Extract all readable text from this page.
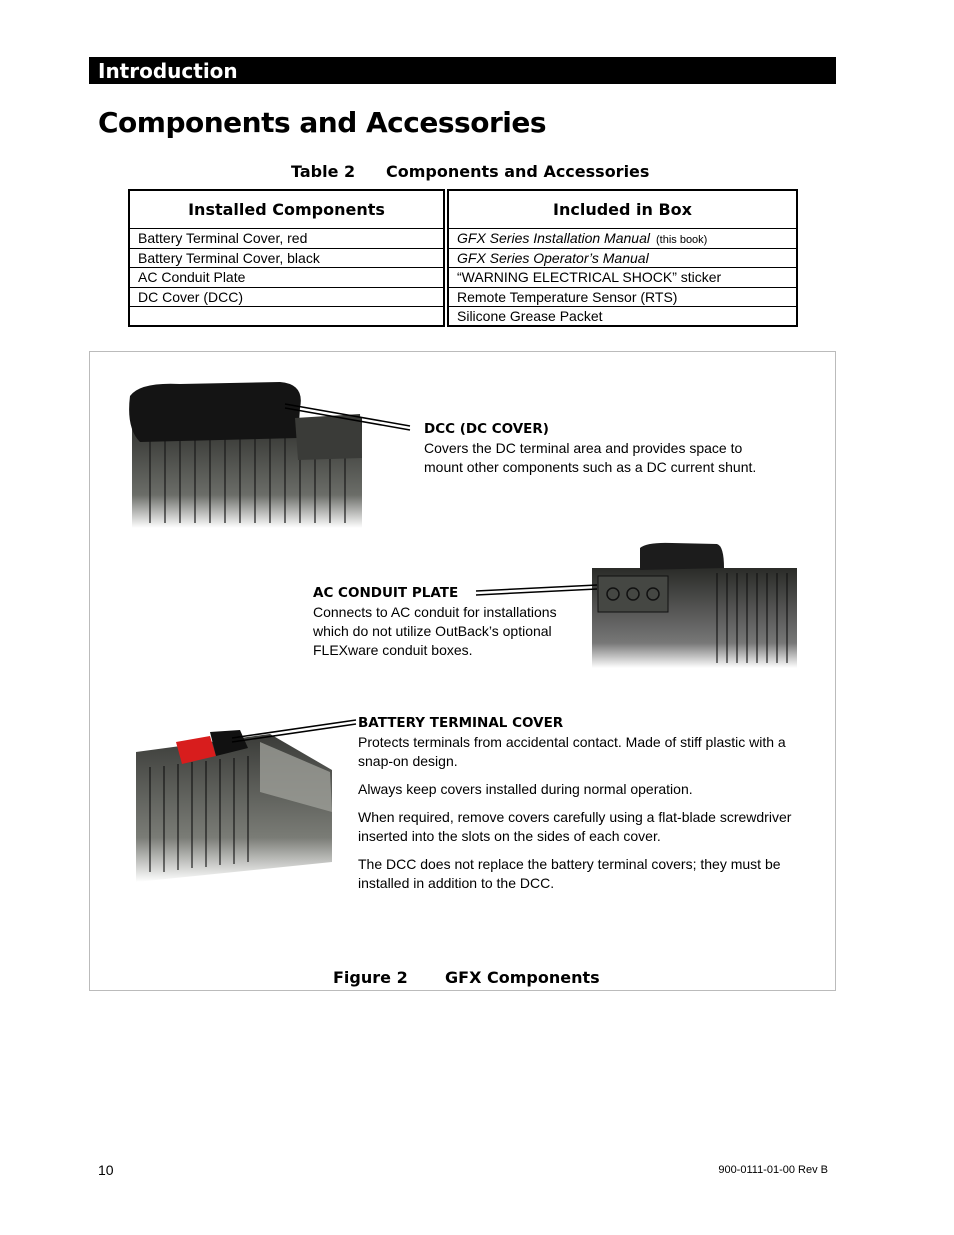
Introduction
Components and Accessories
Table 2 Components and Accessories
Installed Components
Battery Terminal Cover, red
Battery Terminal Cover, black
AC Conduit Plate
DC Cover (DCC)
Included in Box
GFX Series Installation Manual (this book)
GFX Series Operator’s Manual
“WARNING ELECTRICAL SHOCK” sticker
Remote Temperature Sensor (RTS)
Silicone Grease Packet
DCC (DC COVER)
Covers the DC terminal area and provides space to
mount other components such as a DC current shunt.
AC CONDUIT PLATE
Connects to AC conduit for installations
which do not utilize OutBack’s optional
FLEXware conduit boxes.
BATTERY TERMINAL COVER

Protects terminals from accidental contact. Made of stiff plastic with a snap-on design.

Always keep covers installed during normal operation.

When required, remove covers carefully using a flat-blade screwdriver inserted into the slots on the sides of each cover.

The DCC does not replace the battery terminal covers; they must be installed in addition to the DCC.

Figure 2 GFX Components
10	900-0111-01-00 Rev B
